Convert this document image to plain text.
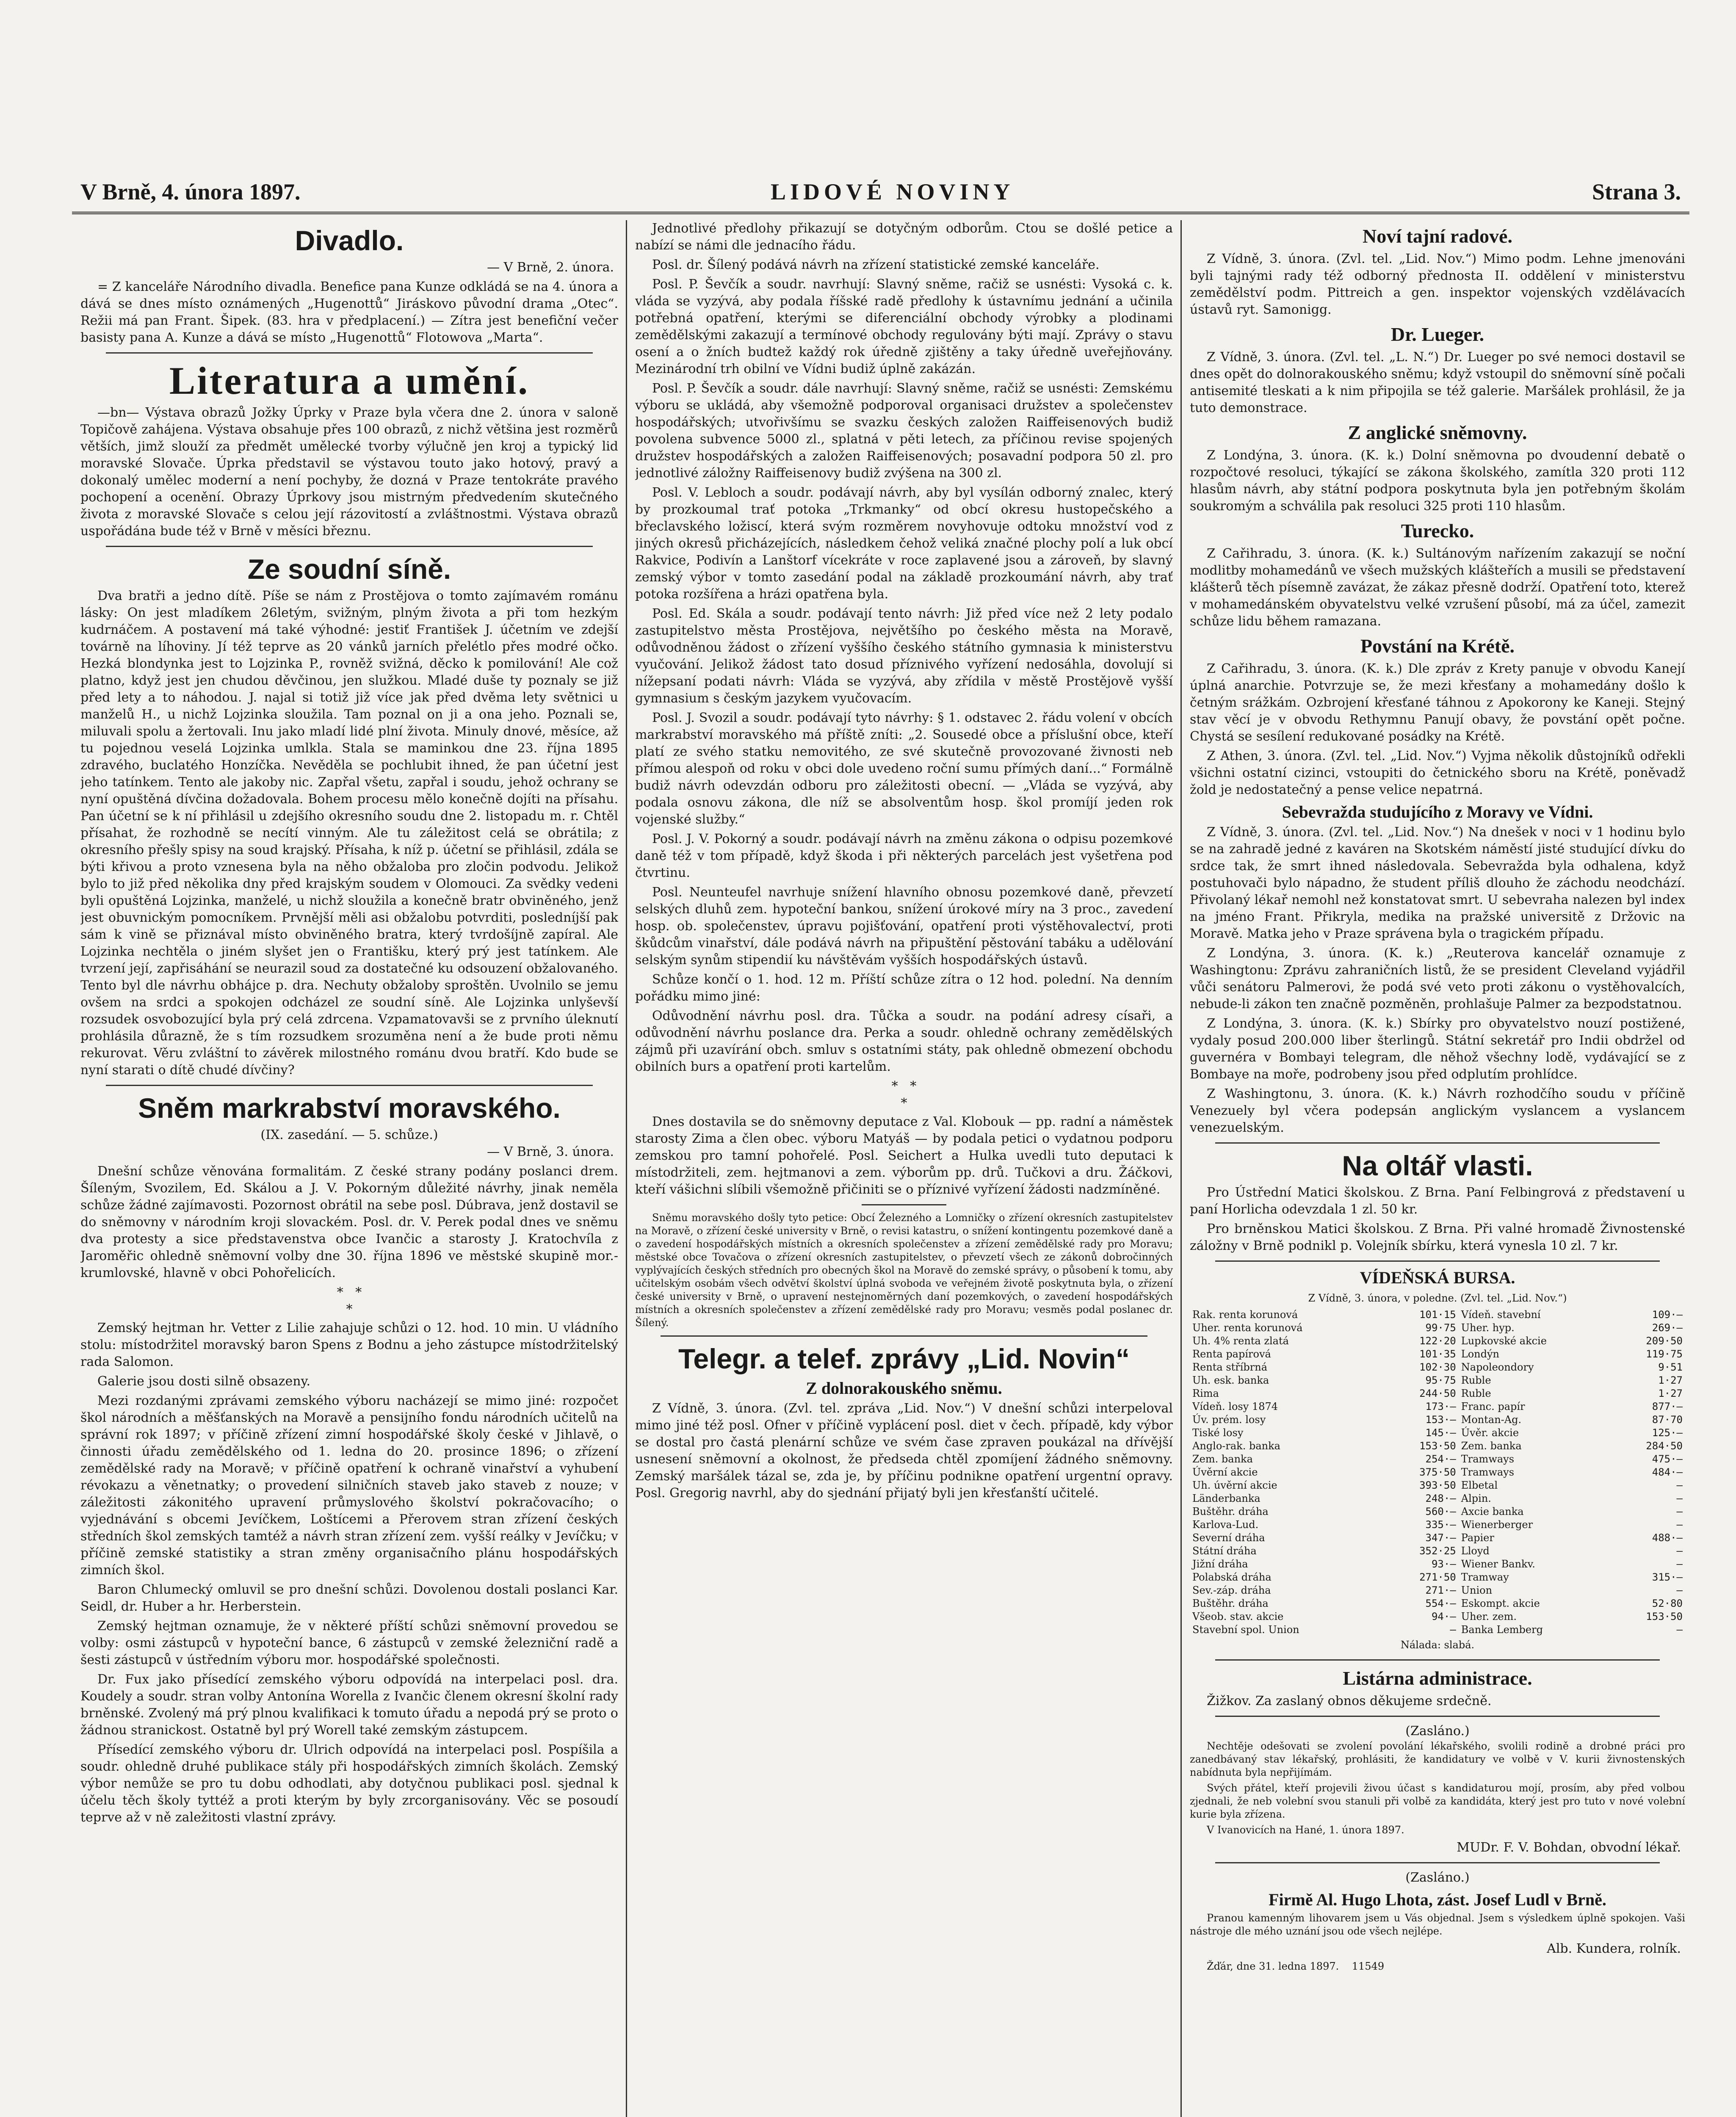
V Brně, 4. února 1897.	LIDOVÉ NOVINY	Strana 3.
Divadlo.
— V Brně, 2. února.

= Z kanceláře Národního divadla. Benefice pana Kunze odkládá se na 4. února a dává se dnes místo oznámených „Hugenottů“ Jiráskovo původní drama „Otec“. Režii má pan Frant. Šipek. (83. hra v předplacení.) — Zítra jest benefiční večer basisty pana A. Kunze a dává se místo „Hugenottů“ Flotowova „Marta“.

Literatura a umění.

—bn— Výstava obrazů Jožky Úprky v Praze byla včera dne 2. února v saloně Topičově zahájena. Výstava obsahuje přes 100 obrazů, z nichž většina jest rozměrů větších, jimž slouží za předmět umělecké tvorby výlučně jen kroj a typický lid moravské Slovače. Úprka představil se výstavou touto jako hotový, pravý a dokonalý umělec moderní a není pochyby, že dozná v Praze tentokráte pravého pochopení a ocenění. Obrazy Úprkovy jsou mistrným předvedením skutečného života z moravské Slovače s celou její rázovitostí a zvláštnostmi. Výstava obrazů uspořádána bude též v Brně v měsíci březnu.

Ze soudní síně.

Dva bratři a jedno dítě. Píše se nám z Prostějova o tomto zajímavém románu lásky: On jest mladíkem 26letým, svižným, plným života a při tom hezkým kudrnáčem. A postavení má také výhodné: jestiť František J. účetním ve zdejší továrně na líhoviny. Jí též teprve as 20 vánků jarních přelétlo přes modré očko. Hezká blondynka jest to Lojzinka P., rovněž svižná, děcko k pomilování! Ale což platno, když jest jen chudou děvčinou, jen služkou. Mladé duše ty poznaly se již před lety a to náhodou. J. najal si totiž již více jak před dvěma lety světnici u manželů H., u nichž Lojzinka sloužila. Tam poznal on ji a ona jeho. Poznali se, miluvali spolu a žertovali. Inu jako mladí lidé plní života. Minuly dnové, měsíce, až tu pojednou veselá Lojzinka umlkla. Stala se maminkou dne 23. října 1895 zdravého, buclatého Honzíčka. Nevěděla se pochlubit ihned, že pan účetní jest jeho tatínkem. Tento ale jakoby nic. Zapřal všetu, zapřal i soudu, jehož ochrany se nyní opuštěná dívčina dožadovala. Bohem procesu mělo konečně dojíti na přísahu. Pan účetní se k ní přihlásil u zdejšího okresního soudu dne 2. listopadu m. r. Chtěl přísahat, že rozhodně se necítí vinným. Ale tu záležitost celá se obrátila; z okresního přešly spisy na soud krajský. Přísaha, k níž p. účetní se přihlásil, zdála se býti křivou a proto vznesena byla na něho obžaloba pro zločin podvodu. Jelikož bylo to již před několika dny před krajským soudem v Olomouci. Za svědky vedeni byli opuštěná Lojzinka, manželé, u nichž sloužila a konečně bratr obviněného, jenž jest obuvnickým pomocníkem. Prvnější měli asi obžalobu potvrditi, posledníjší pak sám k vině se přiznával místo obviněného bratra, který tvrdošíjně zapíral. Ale Lojzinka nechtěla o jiném slyšet jen o Františku, který prý jest tatínkem. Ale tvrzení její, zapřisáhání se neurazil soud za dostatečné ku odsouzení obžalovaného. Tento byl dle návrhu obhájce p. dra. Nechuty obžaloby sproštěn. Uvolnilo se jemu ovšem na srdci a spokojen odcházel ze soudní síně. Ale Lojzinka unlyševší rozsudek osvobozující byla prý celá zdrcena. Vzpamatovavši se z prvního úleknutí prohlásila důrazně, že s tím rozsudkem srozuměna není a že bude proti němu rekurovat. Věru zvláštní to závěrek milostného románu dvou bratří. Kdo bude se nyní starati o dítě chudé dívčiny?

Sněm markrabství moravského.
(IX. zasedání. — 5. schůze.)
— V Brně, 3. února.

Dnešní schůze věnována formalitám. Z české strany podány poslanci drem. Šíleným, Svozilem, Ed. Skálou a J. V. Pokorným důležité návrhy, jinak neměla schůze žádné zajímavosti. Pozornost obrátil na sebe posl. Dúbrava, jenž dostavil se do sněmovny v národním kroji slovackém. Posl. dr. V. Perek podal dnes ve sněmu dva protesty a sice představenstva obce Ivančic a starosty J. Kratochvíla z Jaroměřic ohledně sněmovní volby dne 30. října 1896 ve městské skupině mor.-krumlovské, hlavně v obci Pohořelicích.

*   *
*

Zemský hejtman hr. Vetter z Lilie zahajuje schůzi o 12. hod. 10 min. U vládního stolu: místodržitel moravský baron Spens z Bodnu a jeho zástupce místodržitelský rada Salomon.

Galerie jsou dosti silně obsazeny.

Mezi rozdanými zprávami zemského výboru nacházejí se mimo jiné: rozpočet škol národních a měšťanských na Moravě a pensijního fondu národních učitelů na správní rok 1897; v příčině zřízení zimní hospodářské školy české v Jihlavě, o činnosti úřadu zemědělského od 1. ledna do 20. prosince 1896; o zřízení zemědělské rady na Moravě; v příčině opatření k ochraně vinařství a vyhubení révokazu a věnetnatky; o provedení silničních staveb jako staveb z nouze; v záležitosti zákonitého upravení průmyslového školství pokračovacího; o vyjednávání s obcemi Jevíčkem, Loštícemi a Přerovem stran zřízení českých středních škol zemských tamtéž a návrh stran zřízení zem. vyšší reálky v Jevíčku; v příčině zemské statistiky a stran změny organisačního plánu hospodářských zimních škol.

Baron Chlumecký omluvil se pro dnešní schůzi. Dovolenou dostali poslanci Kar. Seidl, dr. Huber a hr. Herberstein.

Zemský hejtman oznamuje, že v některé příští schůzi sněmovní provedou se volby: osmi zástupců v hypoteční bance, 6 zástupců v zemské železniční radě a šesti zástupců v ústředním výboru mor. hospodářské společnosti.

Dr. Fux jako přísedící zemského výboru odpovídá na interpelaci posl. dra. Koudely a soudr. stran volby Antonína Worella z Ivančic členem okresní školní rady brněnské. Zvolený má prý plnou kvalifikaci k tomuto úřadu a nepodá prý se proto o žádnou stranickost. Ostatně byl prý Worell také zemským zástupcem.

Přísedící zemského výboru dr. Ulrich odpovídá na interpelaci posl. Pospíšila a soudr. ohledně druhé publikace stály při hospodářských zimních školách. Zemský výbor nemůže se pro tu dobu odhodlati, aby dotyčnou publikaci posl. sjednal k účelu těch školy tyttéž a proti kterým by byly zrcorganisovány. Věc se posoudí teprve až v ně zaležitosti vlastní zprávy.

Jednotlivé předlohy přikazují se dotyčným odborům. Ctou se došlé petice a nabízí se námi dle jednacího řádu.

Posl. dr. Šílený podává návrh na zřízení statistické zemské kanceláře.

Posl. P. Ševčík a soudr. navrhují: Slavný sněme, račiž se usnésti: Vysoká c. k. vláda se vyzývá, aby podala říšské radě předlohy k ústavnímu jednání a učinila potřebná opatření, kterými se diferenciální obchody výrobky a plodinami zemědělskými zakazují a termínové obchody regulovány býti mají. Zprávy o stavu osení a o žních budtež každý rok úředně zjištěny a taky úředně uveřejňovány. Mezinárodní trh obilní ve Vídni budiž úplně zakázán.

Posl. P. Ševčík a soudr. dále navrhují: Slavný sněme, račiž se usnésti: Zemskému výboru se ukládá, aby všemožně podporoval organisaci družstev a společenstev hospodářských; utvořivšímu se svazku českých založen Raiffeisenových budiž povolena subvence 5000 zl., splatná v pěti letech, za příčinou revise spojených družstev hospodářských a založen Raiffeisenových; posavadní podpora 50 zl. pro jednotlivé záložny Raiffeisenovy budiž zvýšena na 300 zl.

Posl. V. Lebloch a soudr. podávají návrh, aby byl vysílán odborný znalec, který by prozkoumal trať potoka „Trkmanky“ od obcí okresu hustopečského a břeclavského ložiscí, která svým rozměrem novyhovuje odtoku množství vod z jiných okresů přicházejících, následkem čehož veliká značné plochy polí a luk obcí Rakvice, Podivín a Lanštorf vícekráte v roce zaplavené jsou a zároveň, by slavný zemský výbor v tomto zasedání podal na základě prozkoumání návrh, aby trať potoka rozšířena a hrázi opatřena byla.

Posl. Ed. Skála a soudr. podávají tento návrh: Již před více než 2 lety podalo zastupitelstvo města Prostějova, největšího po českého města na Moravě, odůvodněnou žádost o zřízení vyššího českého státního gymnasia k ministerstvu vyučování. Jelikož žádost tato dosud příznivého vyřízení nedosáhla, dovolují si nížepsaní podati návrh: Vláda se vyzývá, aby zřídila v městě Prostějově vyšší gymnasium s českým jazykem vyučovacím.

Posl. J. Svozil a soudr. podávají tyto návrhy: § 1. odstavec 2. řádu volení v obcích markrabství moravského má příště zníti: „2. Sousedé obce a příslušní obce, kteří platí ze svého statku nemovitého, ze své skutečně provozované živnosti neb přímou alespoň od roku v obci dole uvedeno roční sumu přímých daní...“ Formálně budiž návrh odevzdán odboru pro záležitosti obecní. — „Vláda se vyzývá, aby podala osnovu zákona, dle níž se absolventům hosp. škol promíjí jeden rok vojenské služby.“

Posl. J. V. Pokorný a soudr. podávají návrh na změnu zákona o odpisu pozemkové daně též v tom případě, když škoda i při některých parcelách jest vyšetřena pod čtvrtinu.

Posl. Neunteufel navrhuje snížení hlavního obnosu pozemkové daně, převzetí selských dluhů zem. hypoteční bankou, snížení úrokové míry na 3 proc., zavedení hosp. ob. společenstev, úpravu pojišťování, opatření proti výstěhovalectví, proti škůdcům vinařství, dále podává návrh na připuštění pěstování tabáku a udělování selským synům stipendií ku návštěvám vyšších hospodářských ústavů.

Schůze končí o 1. hod. 12 m. Příští schůze zítra o 12 hod. polední. Na denním pořádku mimo jiné:

Odůvodnění návrhu posl. dra. Tůčka a soudr. na podání adresy císaři, a odůvodnění návrhu poslance dra. Perka a soudr. ohledně ochrany zemědělských zájmů při uzavírání obch. smluv s ostatními státy, pak ohledně obmezení obchodu obilních burs a opatření proti kartelům.

*   *
*

Dnes dostavila se do sněmovny deputace z Val. Klobouk — pp. radní a náměstek starosty Zima a člen obec. výboru Matyáš — by podala petici o vydatnou podporu zemskou pro tamní pohořelé. Posl. Seichert a Hulka uvedli tuto deputaci k místodržiteli, zem. hejtmanovi a zem. výborům pp. drů. Tučkovi a dru. Žáčkovi, kteří vášichni slíbili všemožně přičiniti se o příznivé vyřízení žádosti nadzmíněné.

Sněmu moravského došly tyto petice: Obcí Železného a Lomničky o zřízení okresních zastupitelstev na Moravě, o zřízení české university v Brně, o revisi katastru, o snížení kontingentu pozemkové daně a o zavedení hospodářských místních a okresních společenstev a zřízení zemědělské rady pro Moravu; městské obce Tovačova o zřízení okresních zastupitelstev, o převzetí všech ze zákonů dobročinných vyplývajících českých středních pro obecných škol na Moravě do zemské správy, o působení k tomu, aby učitelským osobám všech odvětví školství úplná svoboda ve veřejném životě poskytnuta byla, o zřízení české university v Brně, o upravení nestejnoměrných daní pozemkových, o zavedení hospodářských místních a okresních společenstev a zřízení zemědělské rady pro Moravu; vesměs podal poslanec dr. Šílený.

Telegr. a telef. zprávy „Lid. Novin“
Z dolnorakouského sněmu.

Z Vídně, 3. února. (Zvl. tel. zpráva „Lid. Nov.“) V dnešní schůzi interpeloval mimo jiné též posl. Ofner v příčině vyplácení posl. diet v čech. případě, kdy výbor se dostal pro častá plenární schůze ve svém čase zpraven poukázal na dřívější usnesení sněmovní a okolnost, že předseda chtěl zpomíjení žádného sněmovny. Zemský maršálek tázal se, zda je, by příčinu podnikne opatření urgentní opravy. Posl. Gregorig navrhl, aby do sjednání přijatý byli jen křesťanští učitelé.

Noví tajní radové.

Z Vídně, 3. února. (Zvl. tel. „Lid. Nov.“) Mimo podm. Lehne jmenováni byli tajnými rady též odborný přednosta II. oddělení v ministerstvu zemědělství podm. Pittreich a gen. inspektor vojenských vzdělávacích ústavů ryt. Samonigg.

Dr. Lueger.

Z Vídně, 3. února. (Zvl. tel. „L. N.“) Dr. Lueger po své nemoci dostavil se dnes opět do dolnorakouského sněmu; když vstoupil do sněmovní síně počali antisemité tleskati a k nim připojila se též galerie. Maršálek prohlásil, že ja tuto demonstrace.

Z anglické sněmovny.

Z Londýna, 3. února. (K. k.) Dolní sněmovna po dvoudenní debatě o rozpočtové resoluci, týkající se zákona školského, zamítla 320 proti 112 hlasům návrh, aby státní podpora poskytnuta byla jen potřebným školám soukromým a schválila pak resoluci 325 proti 110 hlasům.

Turecko.

Z Cařihradu, 3. února. (K. k.) Sultánovým nařízením zakazují se noční modlitby mohamedánů ve všech mužských klášteřích a musili se představení klášterů těch písemně zavázat, že zákaz přesně dodrží. Opatření toto, kterež v mohamedánském obyvatelstvu velké vzrušení působí, má za účel, zamezit schůze lidu během ramazana.

Povstání na Krétě.

Z Cařihradu, 3. února. (K. k.) Dle zpráv z Krety panuje v obvodu Kanejí úplná anarchie. Potvrzuje se, že mezi křesťany a mohamedány došlo k četným srážkám. Ozbrojení křesťané táhnou z Apokorony ke Kaneji. Stejný stav věcí je v obvodu Rethymnu Panují obavy, že povstání opět počne. Chystá se sesílení redukované posádky na Krétě.

Z Athen, 3. února. (Zvl. tel. „Lid. Nov.“) Vyjma několik důstojníků odřekli všichni ostatní cizinci, vstoupiti do četnického sboru na Krétě, poněvadž žold je nedostatečný a pense velice nepatrná.

Sebevražda studujícího z Moravy ve Vídni.

Z Vídně, 3. února. (Zvl. tel. „Lid. Nov.“) Na dnešek v noci v 1 hodinu bylo se na zahradě jedné z kaváren na Skotském náměstí jisté studující dívku do srdce tak, že smrt ihned následovala. Sebevražda byla odhalena, když postuhovači bylo nápadno, že student příliš dlouho že záchodu neodchází. Přivolaný lékař nemohl než konstatovat smrt. U sebevraha nalezen byl index na jméno Frant. Přikryla, medika na pražské universitě z Držovic na Moravě. Matka jeho v Praze správena byla o tragickém případu.

Z Londýna, 3. února. (K. k.) „Reuterova kancelář oznamuje z Washingtonu: Zprávu zahraničních listů, že se president Cleveland vyjádřil vůči senátoru Palmerovi, že podá své veto proti zákonu o vystěhovalcích, nebude-li zákon ten značně pozměněn, prohlašuje Palmer za bezpodstatnou.

Z Londýna, 3. února. (K. k.) Sbírky pro obyvatelstvo nouzí postižené, vydaly posud 200.000 liber šterlingů. Státní sekretář pro Indii obdržel od guvernéra v Bombayi telegram, dle něhož všechny lodě, vydávající se z Bombaye na moře, podrobeny jsou před odplutím prohlídce.

Z Washingtonu, 3. února. (K. k.) Návrh rozhodčího soudu v příčině Venezuely byl včera podepsán anglickým vyslancem a vyslancem venezuelským.

Na oltář vlasti.

Pro Ústřední Matici školskou. Z Brna. Paní Felbingrová z představení u paní Horlicha odevzdala 1 zl. 50 kr.

Pro brněnskou Matici školskou. Z Brna. Při valné hromadě Živnostenské záložny v Brně podnikl p. Volejník sbírku, která vynesla 10 zl. 7 kr.

VÍDEŇSKÁ BURSA.
Z Vídně, 3. února, v poledne. (Zvl. tel. „Lid. Nov.“)
Rak. renta korunová	101·15	Vídeň. stavební	109·—
Uher. renta korunová	99·75	Uher. hyp.	269·—
Uh. 4% renta zlatá	122·20	Lupkovské akcie	209·50
Renta papírová	101·35	Londýn	119·75
Renta stříbrná	102·30	Napoleondory	9·51
Uh. esk. banka	95·75	Ruble	1·27
Rima	244·50	Ruble	1·27
Vídeň. losy 1874	173·—	Franc. papír	877·—
Úv. prém. losy	153·—	Montan-Ag.	87·70
Tiské losy	145·—	Úvěr. akcie	125·—
Anglo-rak. banka	153·50	Zem. banka	284·50
Zem. banka	254·—	Tramways	475·—
Úvěrní akcie	375·50	Tramways	484·—
Uh. úvěrní akcie	393·50	Elbetal	—
Länderbanka	248·—	Alpin.	—
Buštěhr. dráha	560·—	Axcie banka	—
Karlova-Lud.	335·—	Wienerberger	—
Severní dráha	347·—	Papier	488·—
Státní dráha	352·25	Lloyd	—
Jižní dráha	93·—	Wiener Bankv.	—
Polabská dráha	271·50	Tramway	315·—
Sev.-záp. dráha	271·—	Union	—
Buštěhr. dráha	554·—	Eskompt. akcie	52·80
Všeob. stav. akcie	94·—	Uher. zem.	153·50
Stavební spol. Union	—	Banka Lemberg	—
Nálada: slabá.
Listárna administrace.

Žižkov. Za zaslaný obnos děkujeme srdečně.

(Zasláno.)

Nechtěje odešovati se zvolení povolání lékařského, svolili rodině a drobné práci pro zanedbávaný stav lékařský, prohlásiti, že kandidatury ve volbě v V. kurii živnostenských nabídnuta byla nepřijímám.

Svých přátel, kteří projevili živou účast s kandidaturou mojí, prosím, aby před volbou zjednali, že neb volební svou stanuli při volbě za kandidáta, který jest pro tuto v nové volební kurie byla zřízena.

V Ivanovicích na Hané, 1. února 1897.

MUDr. F. V. Bohdan, obvodní lékař.
(Zasláno.)
Firmě Al. Hugo Lhota, zást. Josef Ludl v Brně.

Pranou kamenným lihovarem jsem u Vás objednal. Jsem s výsledkem úplně spokojen. Vaši nástroje dle mého uznání jsou ode všech nejlépe.

Alb. Kundera, rolník.

Žďár, dne 31. ledna 1897. 11549
